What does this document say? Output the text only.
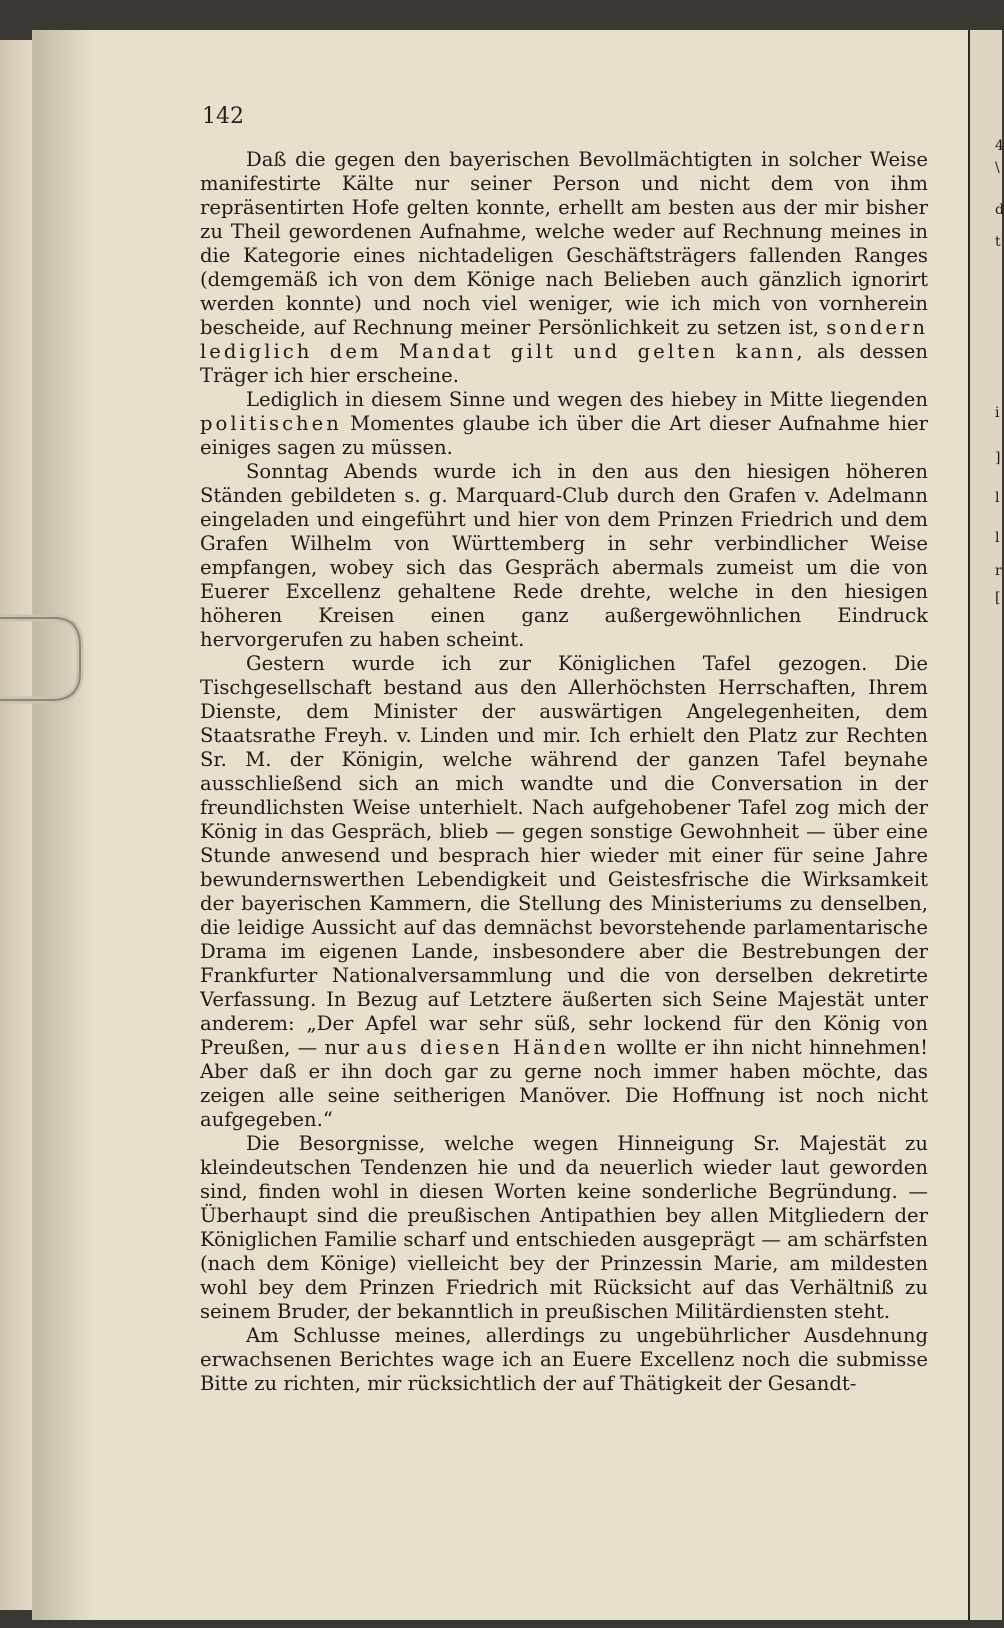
4
\
d
t
i
]
l
l
r
[
142

Daß die gegen den bayerischen Bevollmächtigten in solcher Weise manifestirte Kälte nur seiner Person und nicht dem von ihm repräsentirten Hofe gelten konnte, erhellt am besten aus der mir bisher zu Theil gewordenen Aufnahme, welche weder auf Rechnung meines in die Kategorie eines nichtadeligen Geschäftsträgers fallenden Ranges (demgemäß ich von dem Könige nach Belieben auch gänzlich ignorirt werden konnte) und noch viel weniger, wie ich mich von vornherein bescheide, auf Rechnung meiner Persönlichkeit zu setzen ist, sondern lediglich dem Mandat gilt und gelten kann, als dessen Träger ich hier erscheine.

Lediglich in diesem Sinne und wegen des hiebey in Mitte liegenden politischen Momentes glaube ich über die Art dieser Aufnahme hier einiges sagen zu müssen.

Sonntag Abends wurde ich in den aus den hiesigen höheren Ständen gebildeten s. g. Marquard-Club durch den Grafen v. Adelmann eingeladen und eingeführt und hier von dem Prinzen Friedrich und dem Grafen Wilhelm von Württemberg in sehr verbindlicher Weise empfangen, wobey sich das Gespräch abermals zumeist um die von Euerer Excellenz gehaltene Rede drehte, welche in den hiesigen höheren Kreisen einen ganz außergewöhnlichen Eindruck hervorgerufen zu haben scheint.

Gestern wurde ich zur Königlichen Tafel gezogen. Die Tischgesellschaft bestand aus den Allerhöchsten Herrschaften, Ihrem Dienste, dem Minister der auswärtigen Angelegenheiten, dem Staatsrathe Freyh. v. Linden und mir. Ich erhielt den Platz zur Rechten Sr. M. der Königin, welche während der ganzen Tafel beynahe ausschließend sich an mich wandte und die Conversation in der freundlichsten Weise unterhielt. Nach aufgehobener Tafel zog mich der König in das Gespräch, blieb — gegen sonstige Gewohnheit — über eine Stunde anwesend und besprach hier wieder mit einer für seine Jahre bewundernswerthen Lebendigkeit und Geistesfrische die Wirksamkeit der bayerischen Kammern, die Stellung des Ministeriums zu denselben, die leidige Aussicht auf das demnächst bevorstehende parlamentarische Drama im eigenen Lande, insbesondere aber die Bestrebungen der Frankfurter Nationalversammlung und die von derselben dekretirte Verfassung. In Bezug auf Letztere äußerten sich Seine Majestät unter anderem: „Der Apfel war sehr süß, sehr lockend für den König von Preußen, — nur aus diesen Händen wollte er ihn nicht hinnehmen! Aber daß er ihn doch gar zu gerne noch immer haben möchte, das zeigen alle seine seitherigen Manöver. Die Hoffnung ist noch nicht aufgegeben.“

Die Besorgnisse, welche wegen Hinneigung Sr. Majestät zu kleindeutschen Tendenzen hie und da neuerlich wieder laut geworden sind, finden wohl in diesen Worten keine sonderliche Begründung. — Überhaupt sind die preußischen Antipathien bey allen Mitgliedern der Königlichen Familie scharf und entschieden ausgeprägt — am schärfsten (nach dem Könige) vielleicht bey der Prinzessin Marie, am mildesten wohl bey dem Prinzen Friedrich mit Rücksicht auf das Verhältniß zu seinem Bruder, der bekanntlich in preußischen Militärdiensten steht.

Am Schlusse meines, allerdings zu ungebührlicher Ausdehnung erwachsenen Berichtes wage ich an Euere Excellenz noch die submisse Bitte zu richten, mir rücksichtlich der auf Thätigkeit der Gesandt-
